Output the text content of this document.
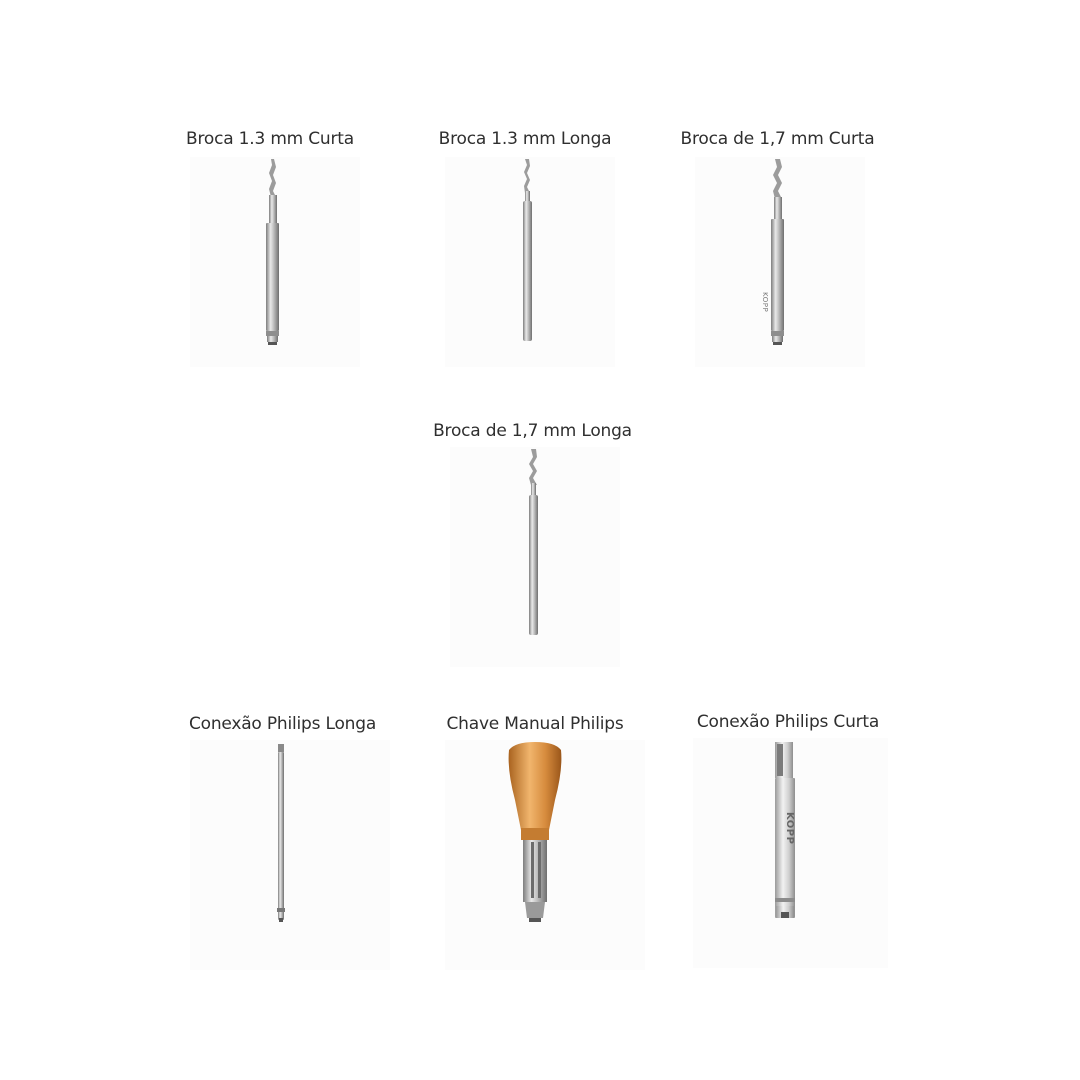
Broca 1.3 mm Curta	Broca 1.3 mm Longa	Broca de 1,7 mm Curta
KOPP
Broca de 1,7 mm Longa
Conexão Philips Longa	Chave Manual Philips	Conexão Philips Curta
KOPP
